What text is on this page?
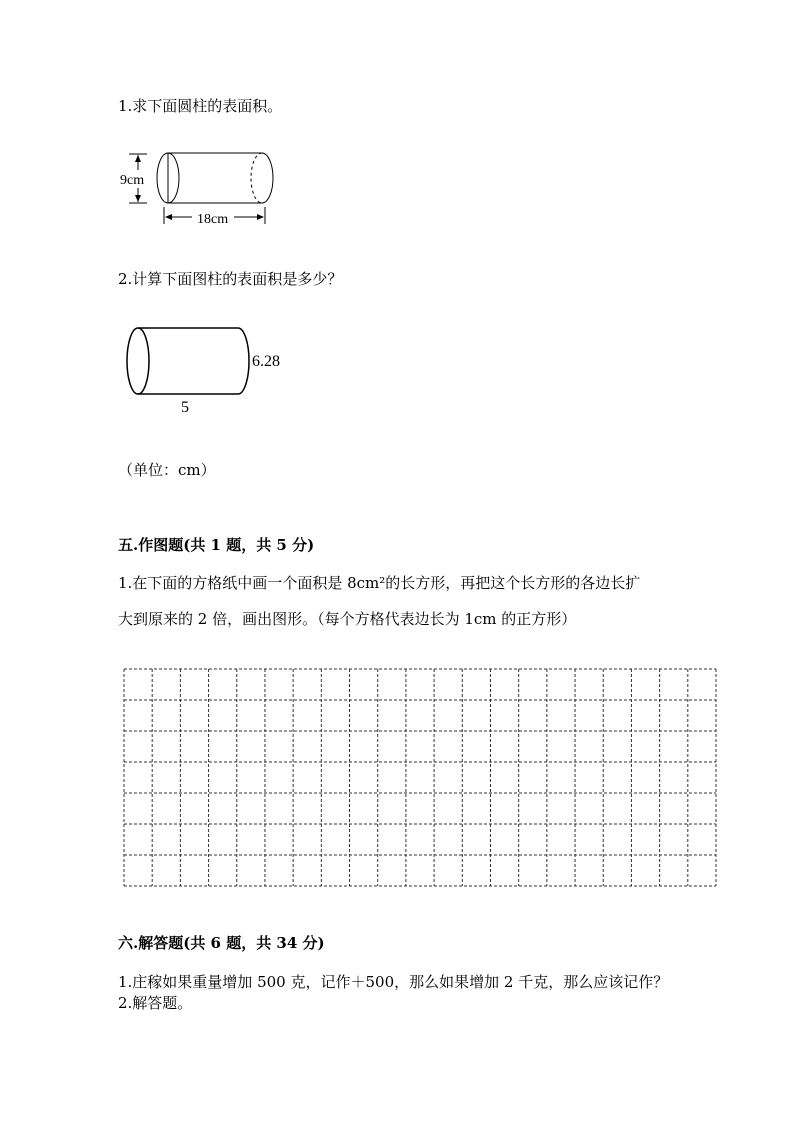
1.求下面圆柱的表面积。
9cm
18cm
2.计算下面图柱的表面积是多少？
6.28
5
（单位：cm）
五.作图题(共 1 题，共 5 分)
1.在下面的方格纸中画一个面积是 8cm²的长方形，再把这个长方形的各边长扩
大到原来的 2 倍，画出图形。（每个方格代表边长为 1cm 的正方形）
六.解答题(共 6 题，共 34 分)
1.庄稼如果重量增加 500 克，记作＋500，那么如果增加 2 千克，那么应该记作？
2.解答题。
